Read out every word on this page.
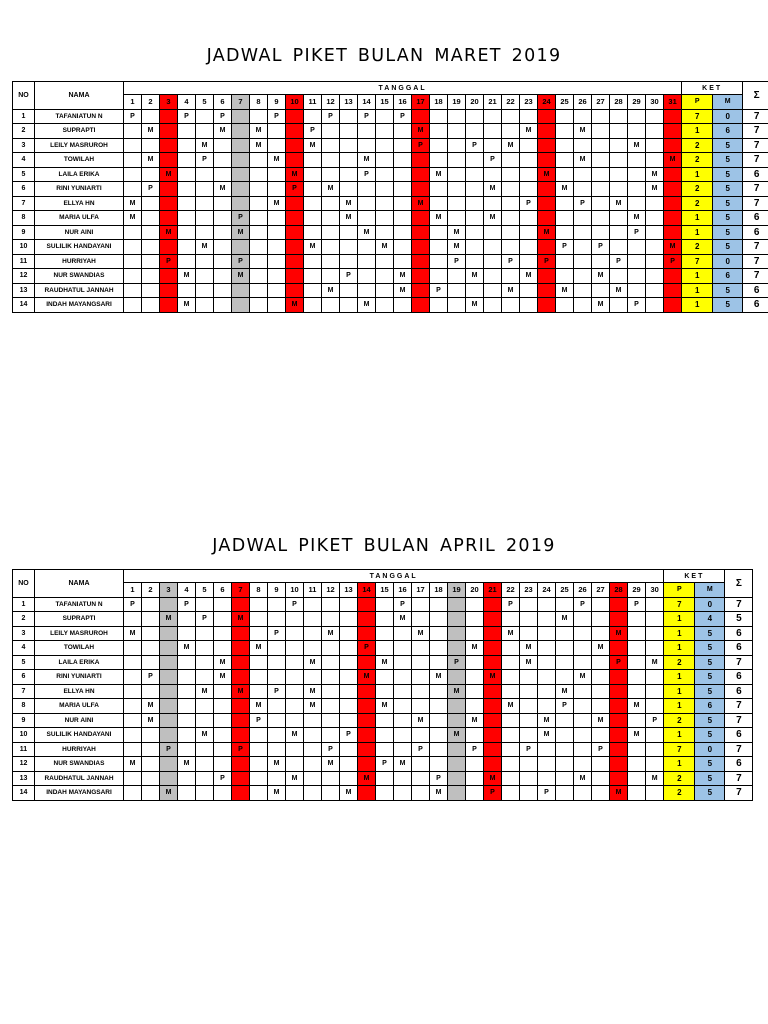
JADWAL PIKET BULAN MARET 2019
NO	NAMA	TANGGAL																															KET		Σ
		1	2	3	4	5	6	7	8	9	10	11	12	13	14	15	16	17	18	19	20	21	22	23	24	25	26	27	28	29	30	31	P	M	
1	TAFANIATUN N	P			P		P			P			P		P		P																7	0	7
2	SUPRAPTI		M				M		M			P						M						M			M						1	6	7
3	LEILY MASRUROH					M			M			M						P			P		M							M			2	5	7
4	TOWILAH		M			P				M					M							P					M					M	2	5	7
5	LAILA ERIKA			M							M				P				M						M						M		1	5	6
6	RINI YUNIARTI		P				M				P		M									M				M					M		2	5	7
7	ELLYA HN	M								M				M				M						P			P		M				2	5	7
8	MARIA ULFA	M						P						M					M			M								M			1	5	6
9	NUR AINI			M				M							M					M					M					P			1	5	6
10	SULILIK HANDAYANI					M						M				M				M						P		P				M	2	5	7
11	HURRIYAH			P				P												P			P		P				P			P	7	0	7
12	NUR SWANDIAS				M			M						P			M				M			M				M					1	6	7
13	RAUDHATUL JANNAH												M				M		P				M			M			M				1	5	6
14	INDAH MAYANGSARI				M						M				M						M							M		P			1	5	6
JADWAL PIKET BULAN APRIL 2019
NO	NAMA	TANGGAL																														KET		Σ
		1	2	3	4	5	6	7	8	9	10	11	12	13	14	15	16	17	18	19	20	21	22	23	24	25	26	27	28	29	30	P	M	
1	TAFANIATUN N	P			P						P						P						P				P			P		7	0	7
2	SUPRAPTI			M		P		M									M									M						1	4	5
3	LEILY MASRUROH	M								P			M					M					M						M			1	5	6
4	TOWILAH				M				M						P						M			M				M				1	5	6
5	LAILA ERIKA						M					M				M				P				M					P		M	2	5	7
6	RINI YUNIARTI		P				M								M				M			M					M					1	5	6
7	ELLYA HN					M		M		P		M								M						M						1	5	6
8	MARIA ULFA		M						M			M				M							M			P				M		1	6	7
9	NUR AINI		M						P									M			M				M			M			P	2	5	7
10	SULILIK HANDAYANI					M					M			P						M					M					M		1	5	6
11	HURRIYAH			P				P					P					P			P			P				P				7	0	7
12	NUR SWANDIAS	M			M					M			M			P	M															1	5	6
13	RAUDHATUL JANNAH						P				M				M				P			M					M				M	2	5	7
14	INDAH MAYANGSARI			M						M				M					M			P			P				M			2	5	7
